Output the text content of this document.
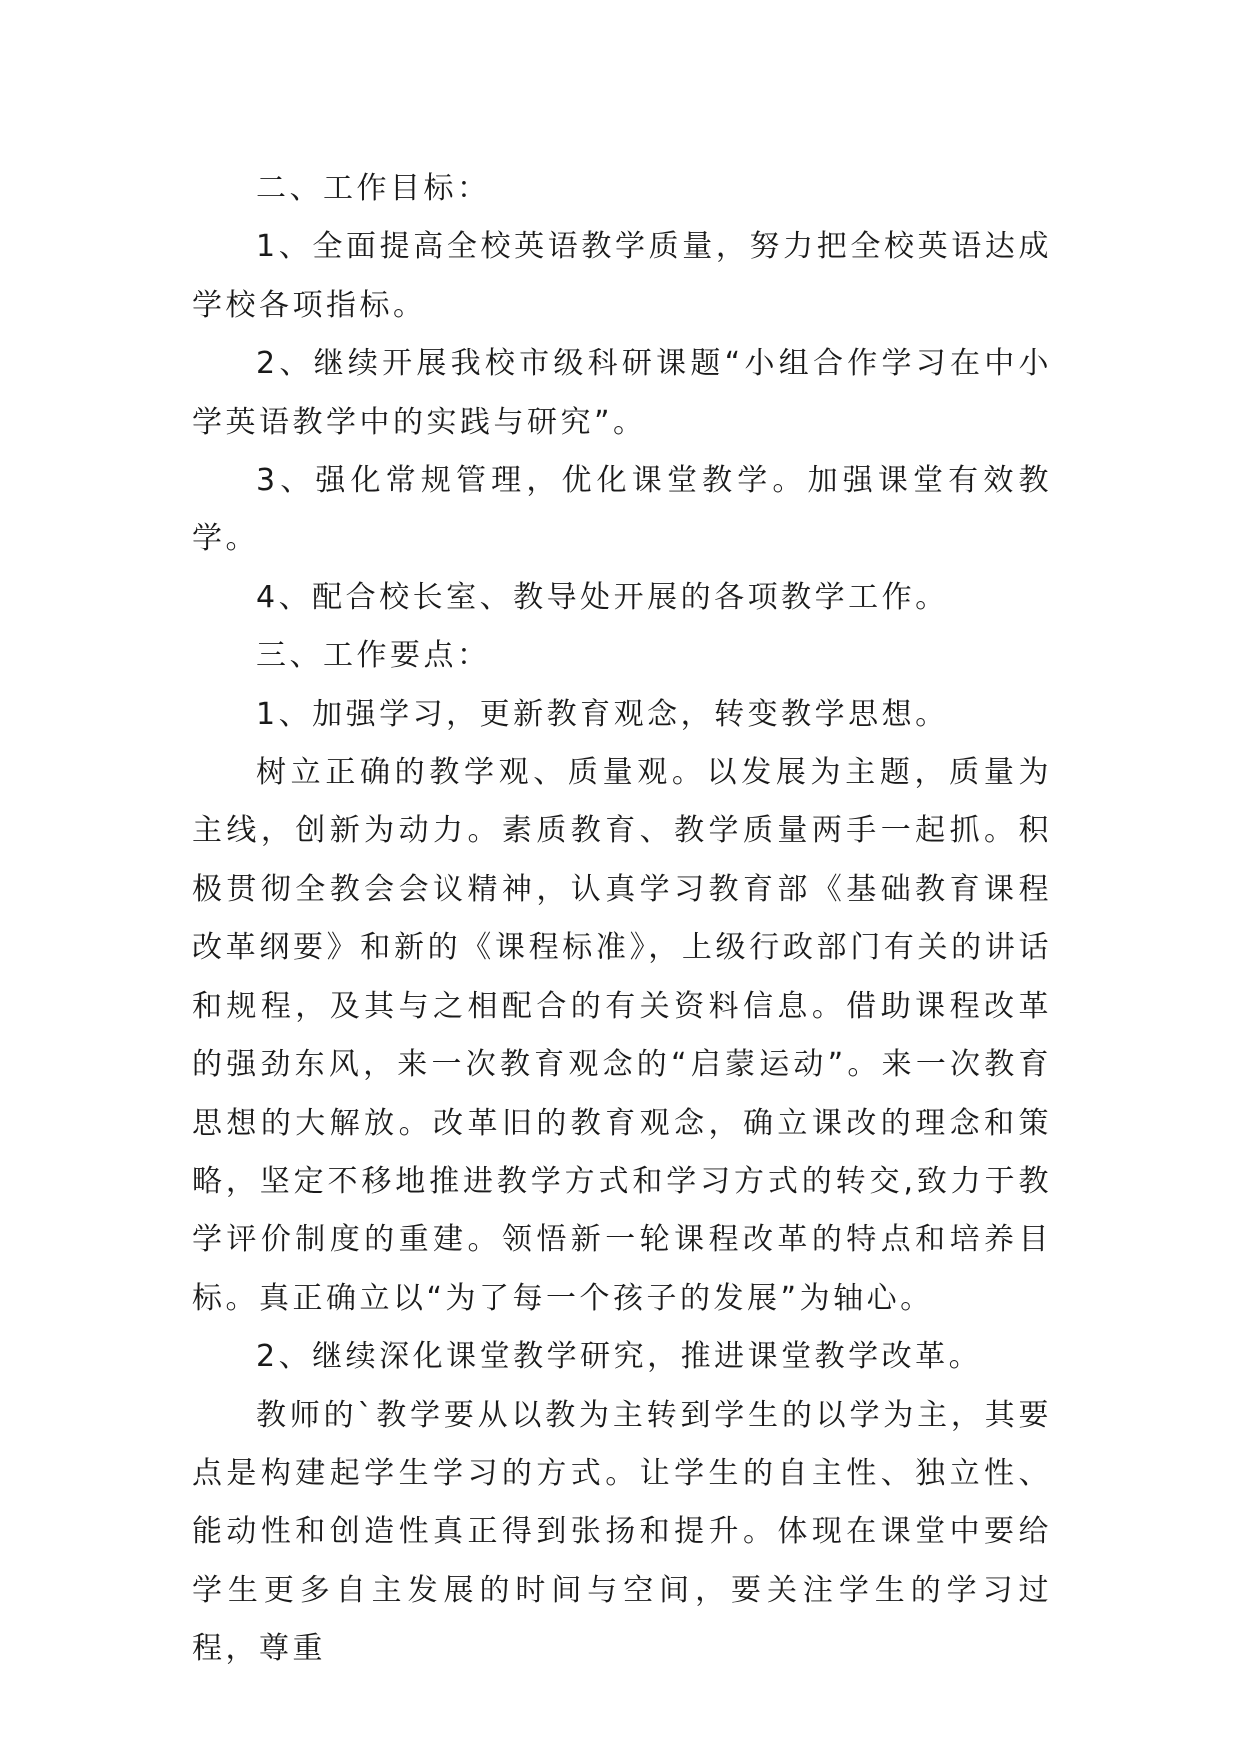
二、工作目标：

1、全面提高全校英语教学质量，努力把全校英语达成学校各项指标。

2、继续开展我校市级科研课题“小组合作学习在中小学英语教学中的实践与研究”。

3、强化常规管理，优化课堂教学。加强课堂有效教学。

4、配合校长室、教导处开展的各项教学工作。

三、工作要点：

1、加强学习，更新教育观念，转变教学思想。

树立正确的教学观、质量观。以发展为主题，质量为主线，创新为动力。素质教育、教学质量两手一起抓。积极贯彻全教会会议精神，认真学习教育部《基础教育课程改革纲要》和新的《课程标准》，上级行政部门有关的讲话和规程，及其与之相配合的有关资料信息。借助课程改革的强劲东风，来一次教育观念的“启蒙运动”。来一次教育思想的大解放。改革旧的教育观念，确立课改的理念和策略，坚定不移地推进教学方式和学习方式的转交,致力于教学评价制度的重建。领悟新一轮课程改革的特点和培养目标。真正确立以“为了每一个孩子的发展”为轴心。

2、继续深化课堂教学研究，推进课堂教学改革。

教师的`教学要从以教为主转到学生的以学为主，其要点是构建起学生学习的方式。让学生的自主性、独立性、能动性和创造性真正得到张扬和提升。体现在课堂中要给学生更多自主发展的时间与空间，要关注学生的学习过程，尊重
